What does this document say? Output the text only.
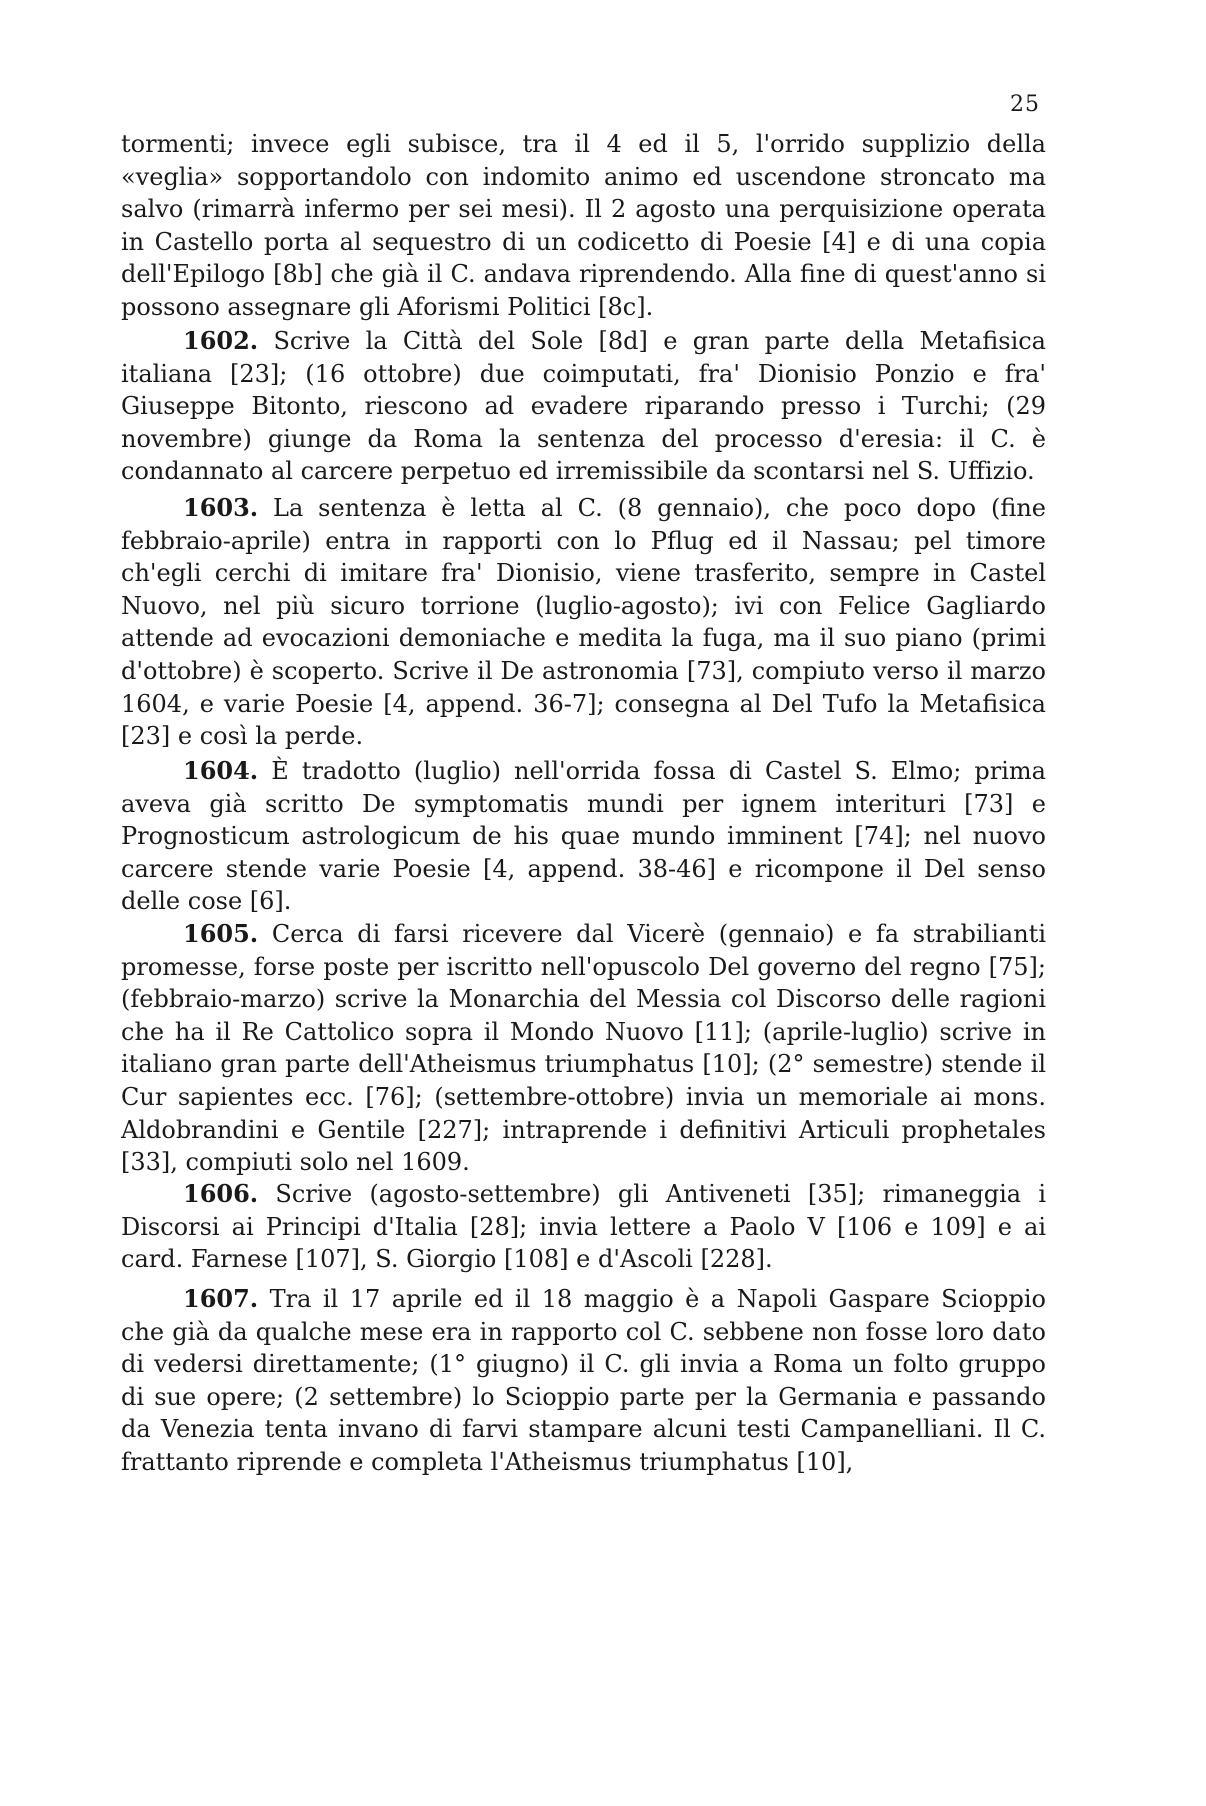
25

tormenti; invece egli subisce, tra il 4 ed il 5, l'orrido supplizio della «veglia» sopportandolo con indomito animo ed uscendone stroncato ma salvo (rimarrà infermo per sei mesi). Il 2 agosto una perquisizione operata in Castello porta al sequestro di un codicetto di Poesie [4] e di una copia dell'Epilogo [8b] che già il C. andava riprendendo. Alla fine di quest'anno si possono assegnare gli Aforismi Politici [8c].

1602. Scrive la Città del Sole [8d] e gran parte della Metafisica italiana [23]; (16 ottobre) due coimputati, fra' Dionisio Ponzio e fra' Giuseppe Bitonto, riescono ad evadere riparando presso i Turchi; (29 novembre) giunge da Roma la sentenza del processo d'eresia: il C. è condannato al carcere perpetuo ed irremissibile da scontarsi nel S. Uffizio.

1603. La sentenza è letta al C. (8 gennaio), che poco dopo (fine febbraio-aprile) entra in rapporti con lo Pflug ed il Nassau; pel timore ch'egli cerchi di imitare fra' Dionisio, viene trasferito, sempre in Castel Nuovo, nel più sicuro torrione (luglio-agosto); ivi con Felice Gagliardo attende ad evocazioni demoniache e medita la fuga, ma il suo piano (primi d'ottobre) è scoperto. Scrive il De astronomia [73], compiuto verso il marzo 1604, e varie Poesie [4, append. 36-7]; consegna al Del Tufo la Metafisica [23] e così la perde.

1604. È tradotto (luglio) nell'orrida fossa di Castel S. Elmo; prima aveva già scritto De symptomatis mundi per ignem interituri [73] e Prognosticum astrologicum de his quae mundo imminent [74]; nel nuovo carcere stende varie Poesie [4, append. 38-46] e ricompone il Del senso delle cose [6].

1605. Cerca di farsi ricevere dal Vicerè (gennaio) e fa strabilianti promesse, forse poste per iscritto nell'opuscolo Del governo del regno [75]; (febbraio-marzo) scrive la Monarchia del Messia col Discorso delle ragioni che ha il Re Cattolico sopra il Mondo Nuovo [11]; (aprile-luglio) scrive in italiano gran parte dell'Atheismus triumphatus [10]; (2° semestre) stende il Cur sapientes ecc. [76]; (settembre-ottobre) invia un memoriale ai mons. Aldobrandini e Gentile [227]; intraprende i definitivi Articuli prophetales [33], compiuti solo nel 1609.

1606. Scrive (agosto-settembre) gli Antiveneti [35]; rimaneggia i Discorsi ai Principi d'Italia [28]; invia lettere a Paolo V [106 e 109] e ai card. Farnese [107], S. Giorgio [108] e d'Ascoli [228].

1607. Tra il 17 aprile ed il 18 maggio è a Napoli Gaspare Scioppio che già da qualche mese era in rapporto col C. sebbene non fosse loro dato di vedersi direttamente; (1° giugno) il C. gli invia a Roma un folto gruppo di sue opere; (2 settembre) lo Scioppio parte per la Germania e passando da Venezia tenta invano di farvi stampare alcuni testi Campanelliani. Il C. frattanto riprende e completa l'Atheismus triumphatus [10],
